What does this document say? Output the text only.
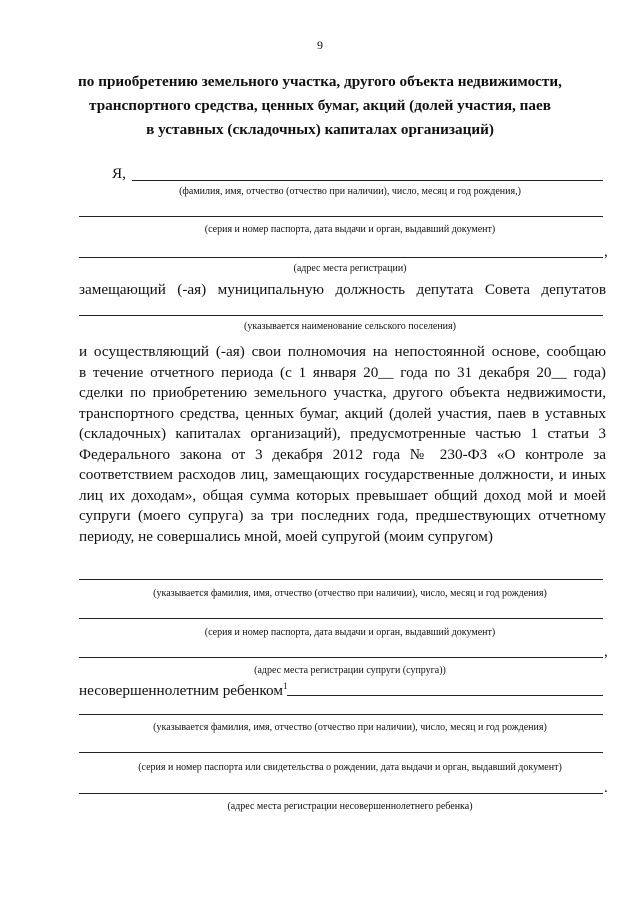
9
по приобретению земельного участка, другого объекта недвижимости,
транспортного средства, ценных бумаг, акций (долей участия, паев
в уставных (складочных) капиталах организаций)
Я,
(фамилия, имя, отчество (отчество при наличии), число, месяц и год рождения,)
(серия и номер паспорта, дата выдачи и орган, выдавший документ)
,
(адрес места регистрации)
замещающий (-ая) муниципальную должность депутата Совета депутатов
(указывается наименование сельского поселения)
и осуществляющий (-ая) свои полномочия на непостоянной основе, сообщаю
в течение отчетного периода (с 1 января 20__ года по 31 декабря 20__ года)
сделки по приобретению земельного участка, другого объекта недвижимости,
транспортного средства, ценных бумаг, акций (долей участия, паев в уставных
(складочных) капиталах организаций), предусмотренные частью 1 статьи 3
Федерального закона от 3 декабря 2012 года № 230-ФЗ «О контроле за
соответствием расходов лиц, замещающих государственные должности, и иных
лиц их доходам», общая сумма которых превышает общий доход мой и моей
супруги (моего супруга) за три последних года, предшествующих отчетному
периоду, не совершались мной, моей супругой (моим супругом)
(указывается фамилия, имя, отчество (отчество при наличии), число, месяц и год рождения)
(серия и номер паспорта, дата выдачи и орган, выдавший документ)
,
(адрес места регистрации супруги (супруга))
несовершеннолетним ребенком$^1$
(указывается фамилия, имя, отчество (отчество при наличии), число, месяц и год рождения)
(серия и номер паспорта или свидетельства о рождении, дата выдачи и орган, выдавший документ)
.
(адрес места регистрации несовершеннолетнего ребенка)
